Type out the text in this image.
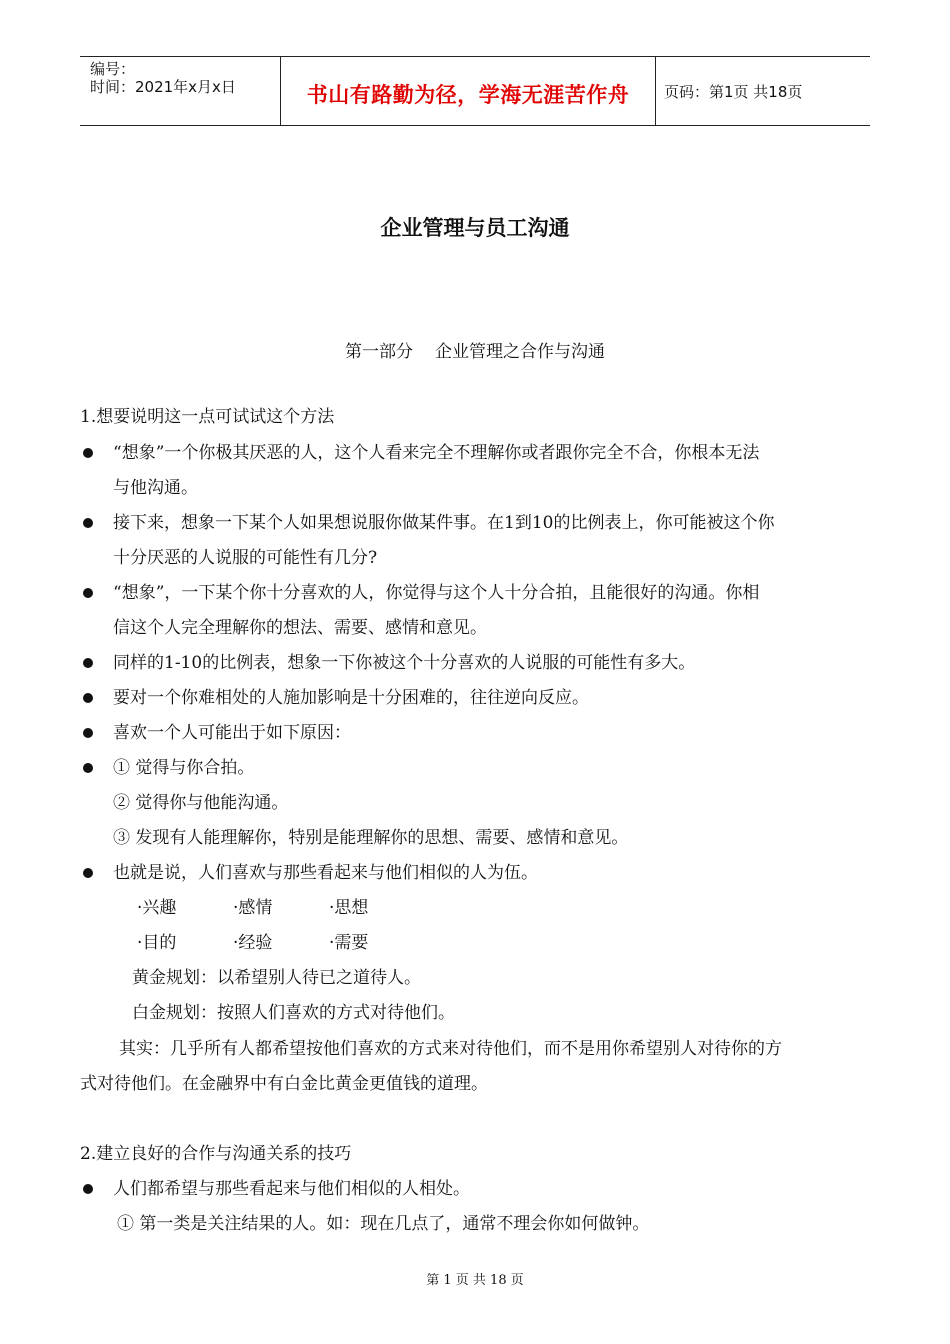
编号：
时间：2021年x月x日	书山有路勤为径，学海无涯苦作舟	页码：第1页 共18页
企业管理与员工沟通
第一部分 企业管理之合作与沟通
1.想要说明这一点可试试这个方法
“想象”一个你极其厌恶的人，这个人看来完全不理解你或者跟你完全不合，你根本无法
与他沟通。
接下来，想象一下某个人如果想说服你做某件事。在1到10的比例表上，你可能被这个你
十分厌恶的人说服的可能性有几分?
“想象”，一下某个你十分喜欢的人，你觉得与这个人十分合拍，且能很好的沟通。你相
信这个人完全理解你的想法、需要、感情和意见。
同样的1-10的比例表，想象一下你被这个十分喜欢的人说服的可能性有多大。
要对一个你难相处的人施加影响是十分困难的，往往逆向反应。
喜欢一个人可能出于如下原因：
① 觉得与你合拍。
② 觉得你与他能沟通。
③ 发现有人能理解你，特别是能理解你的思想、需要、感情和意见。
也就是说，人们喜欢与那些看起来与他们相似的人为伍。
·兴趣	·感情	·思想
·目的	·经验	·需要
黄金规划：以希望别人待已之道待人。
白金规划：按照人们喜欢的方式对待他们。
其实：几乎所有人都希望按他们喜欢的方式来对待他们，而不是用你希望别人对待你的方
式对待他们。在金融界中有白金比黄金更值钱的道理。
2.建立良好的合作与沟通关系的技巧
人们都希望与那些看起来与他们相似的人相处。
① 第一类是关注结果的人。如：现在几点了，通常不理会你如何做钟。
第 1 页 共 18 页
